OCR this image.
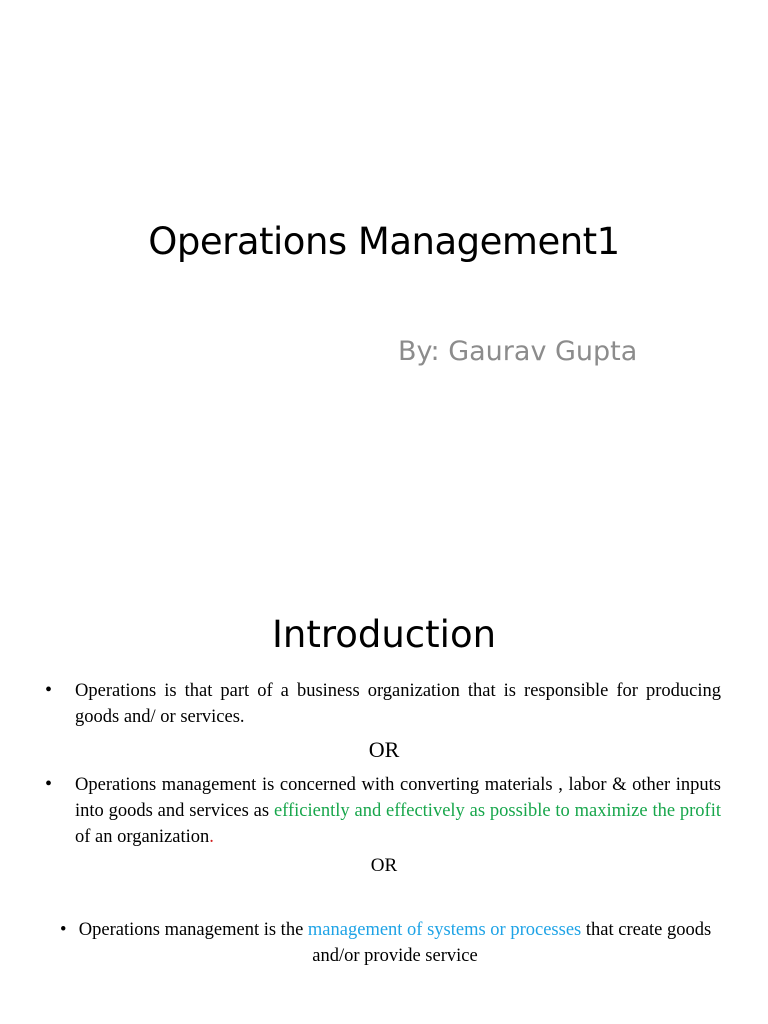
Operations Management1
By: Gaurav Gupta
Introduction
• Operations is that part of a business organization that is responsible for producing goods and/ or services.
OR
• Operations management is concerned with converting materials , labor & other inputs into goods and services as efficiently and effectively as possible to maximize the profit of an organization.
OR
• Operations management is the management of systems or processes that create goods and/or provide service
